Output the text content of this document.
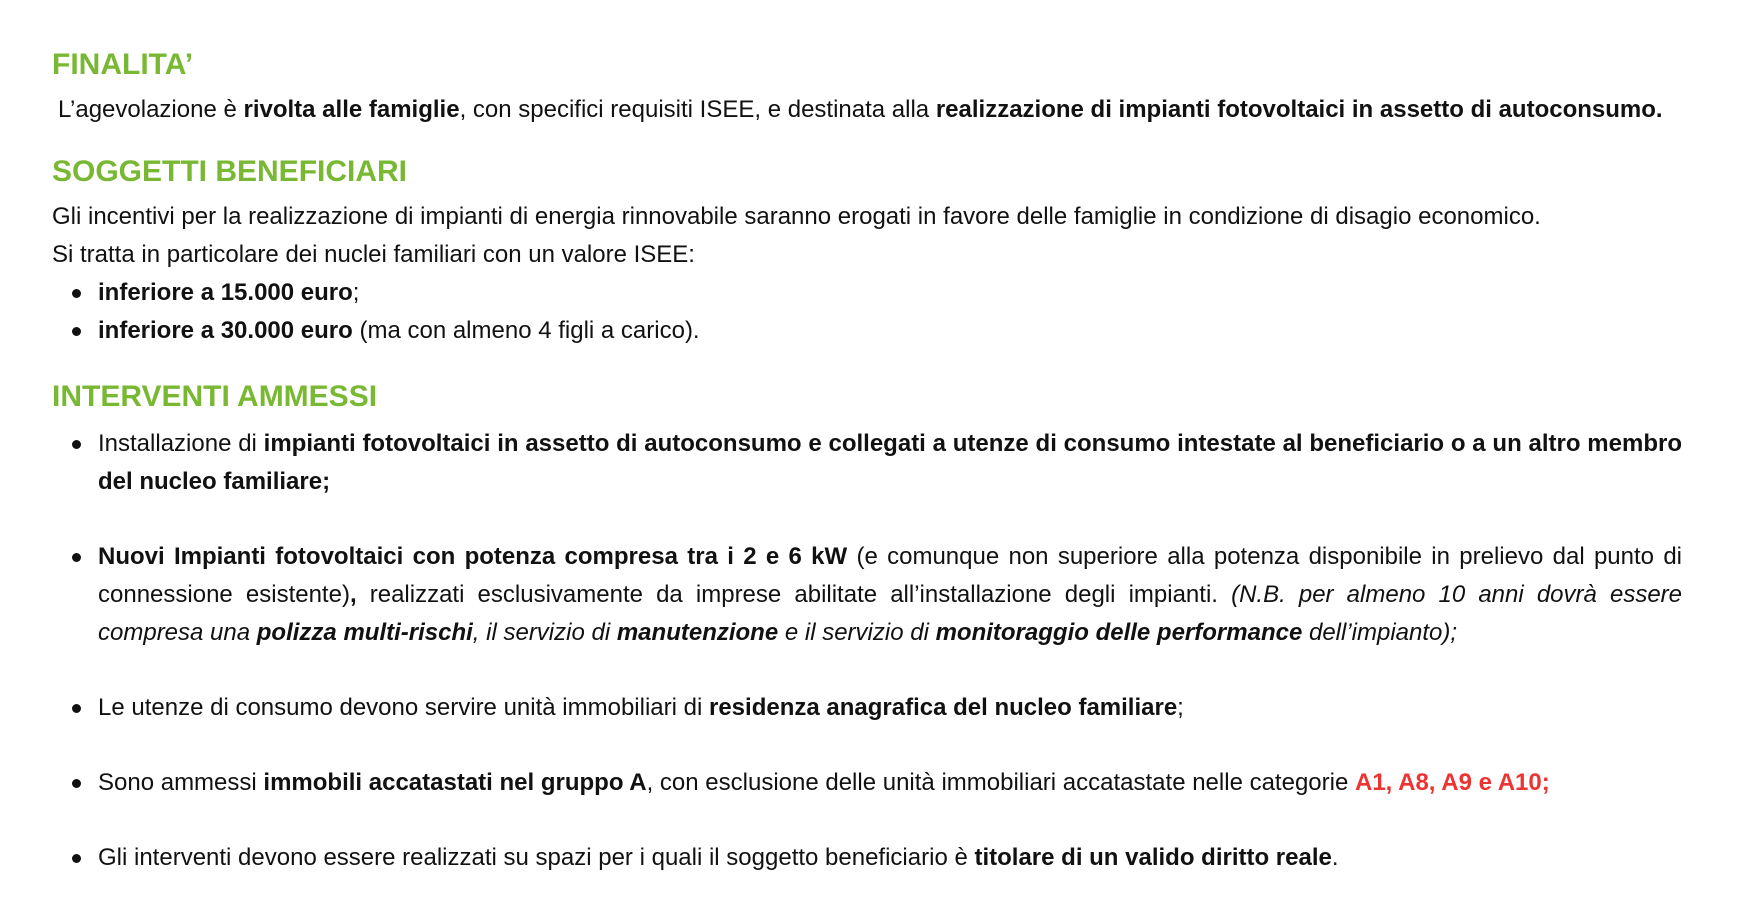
FINALITA’

L’agevolazione è rivolta alle famiglie, con specifici requisiti ISEE, e destinata alla realizzazione di impianti fotovoltaici in assetto di autoconsumo.

SOGGETTI BENEFICIARI

Gli incentivi per la realizzazione di impianti di energia rinnovabile saranno erogati in favore delle famiglie in condizione di disagio economico.

Si tratta in particolare dei nuclei familiari con un valore ISEE:

inferiore a 15.000 euro;
inferiore a 30.000 euro (ma con almeno 4 figli a carico).
INTERVENTI AMMESSI
Installazione di impianti fotovoltaici in assetto di autoconsumo e collegati a utenze di consumo intestate al beneficiario o a un altro membro del nucleo familiare;
Nuovi Impianti fotovoltaici con potenza compresa tra i 2 e 6 kW (e comunque non superiore alla potenza disponibile in prelievo dal punto di connessione esistente), realizzati esclusivamente da imprese abilitate all’installazione degli impianti. (N.B. per almeno 10 anni dovrà essere compresa una polizza multi-rischi, il servizio di manutenzione e il servizio di monitoraggio delle performance dell’impianto);
Le utenze di consumo devono servire unità immobiliari di residenza anagrafica del nucleo familiare;
Sono ammessi immobili accatastati nel gruppo A, con esclusione delle unità immobiliari accatastate nelle categorie A1, A8, A9 e A10;
Gli interventi devono essere realizzati su spazi per i quali il soggetto beneficiario è titolare di un valido diritto reale.
